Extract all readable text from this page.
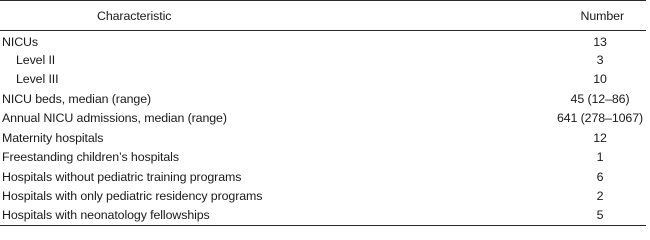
Characteristic	Number
NICUs	13
Level II	3
Level III	10
NICU beds, median (range)	45 (12–86)
Annual NICU admissions, median (range)	641 (278–1067)
Maternity hospitals	12
Freestanding children’s hospitals	1
Hospitals without pediatric training programs	6
Hospitals with only pediatric residency programs	2
Hospitals with neonatology fellowships	5
